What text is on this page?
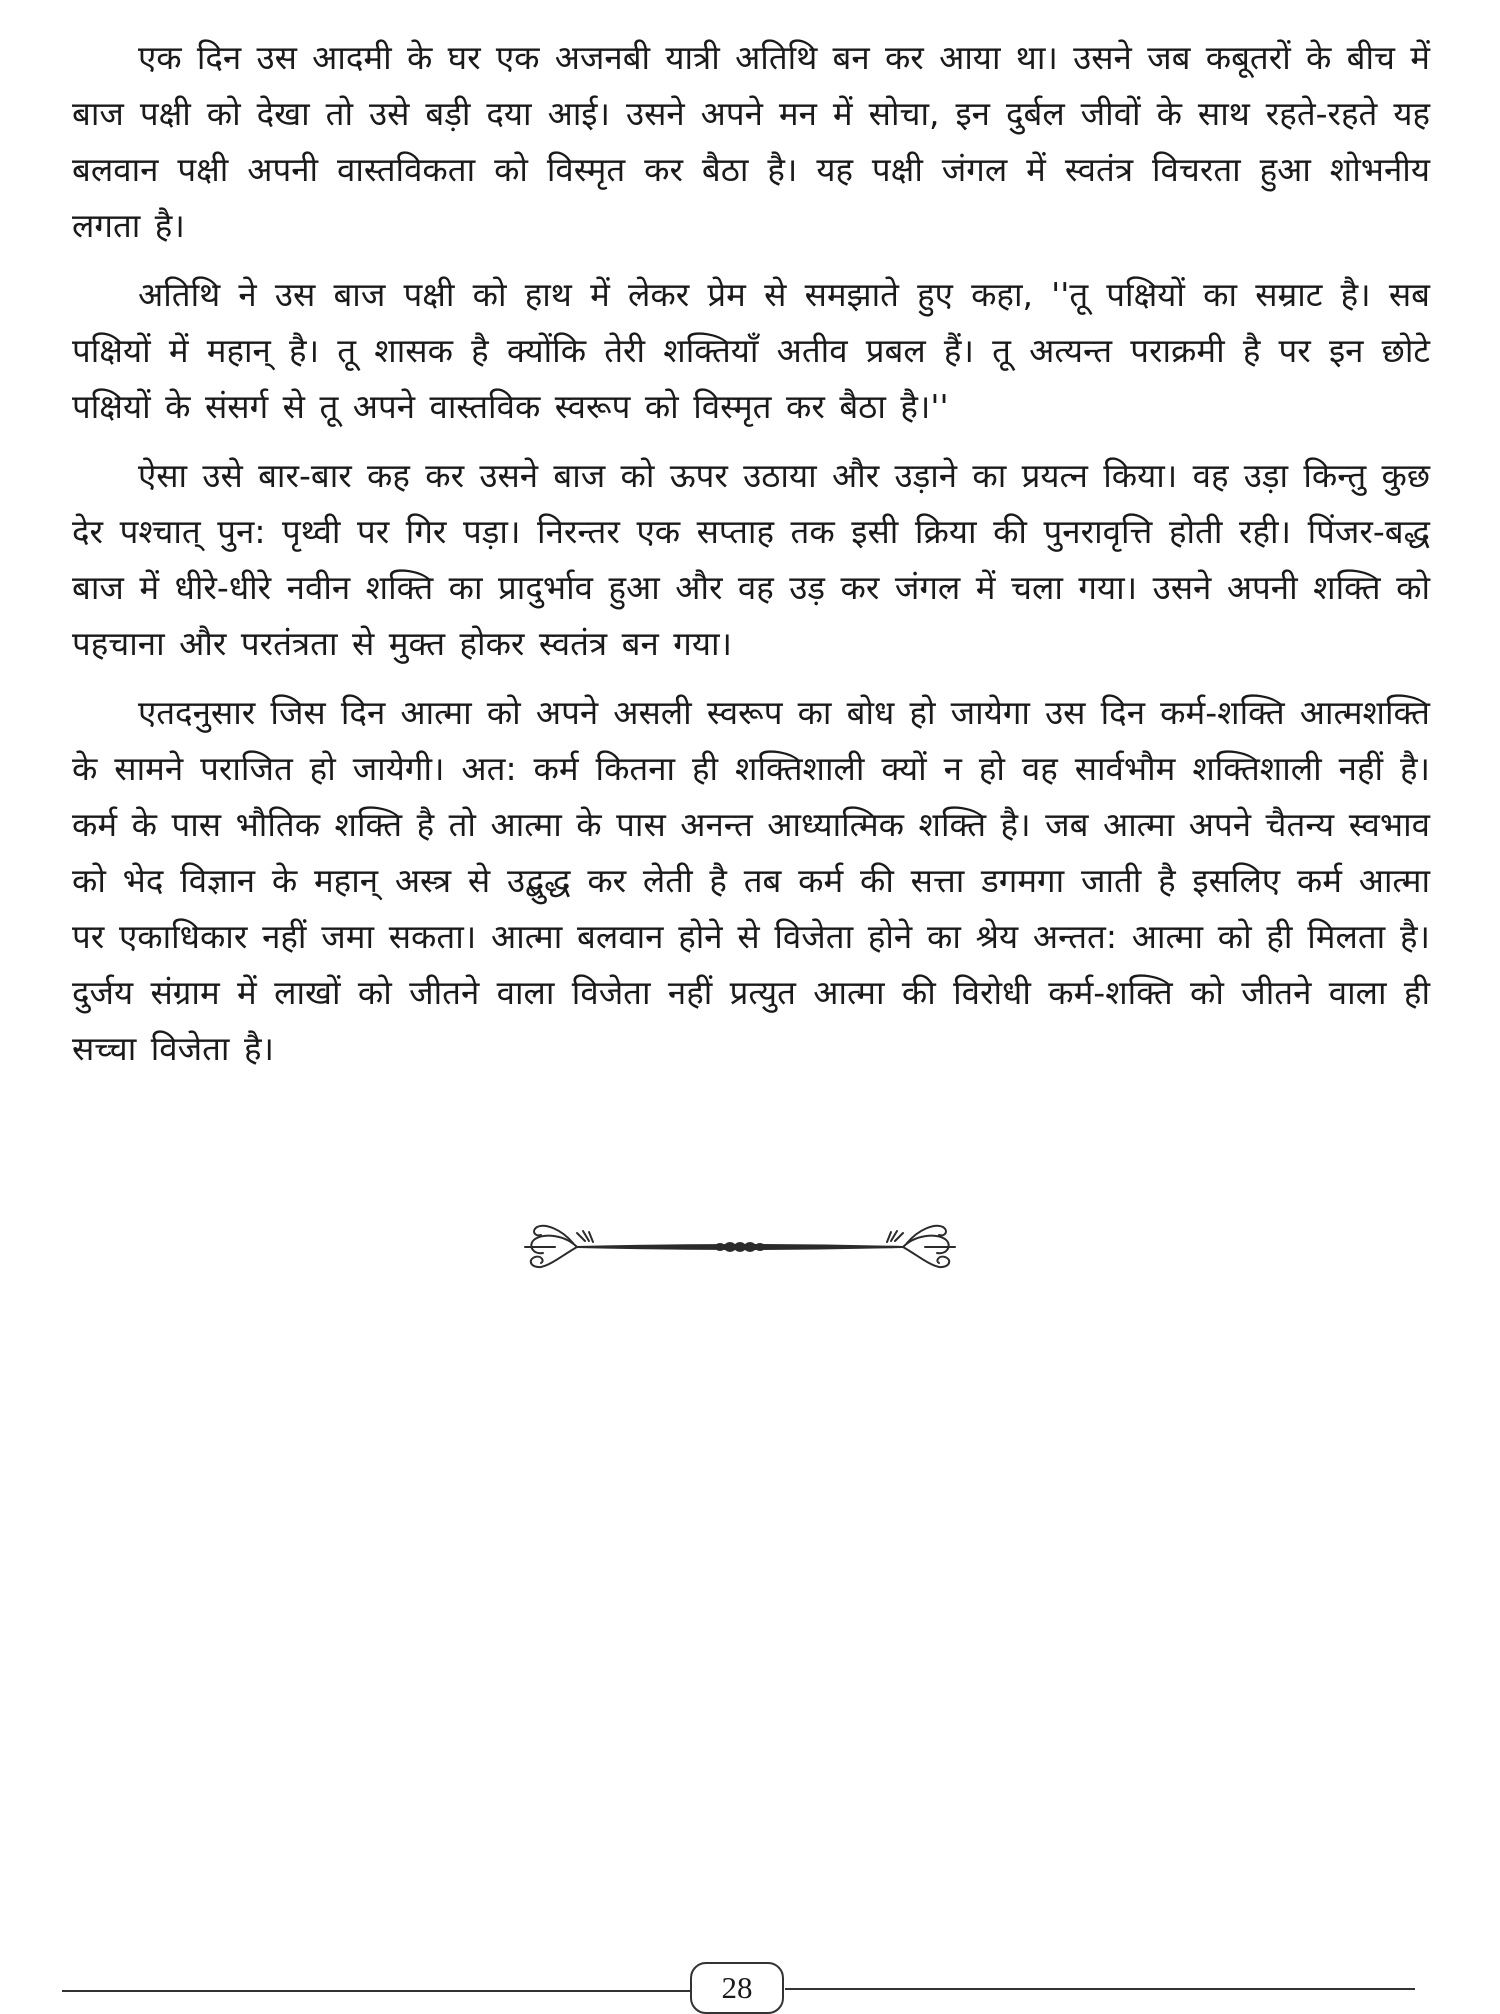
एक दिन उस आदमी के घर एक अजनबी यात्री अतिथि बन कर आया था। उसने जब कबूतरों के बीच में बाज पक्षी को देखा तो उसे बड़ी दया आई। उसने अपने मन में सोचा, इन दुर्बल जीवों के साथ रहते-रहते यह बलवान पक्षी अपनी वास्तविकता को विस्मृत कर बैठा है। यह पक्षी जंगल में स्वतंत्र विचरता हुआ शोभनीय लगता है।

अतिथि ने उस बाज पक्षी को हाथ में लेकर प्रेम से समझाते हुए कहा, ''तू पक्षियों का सम्राट है। सब पक्षियों में महान् है। तू शासक है क्योंकि तेरी शक्तियाँ अतीव प्रबल हैं। तू अत्यन्त पराक्रमी है पर इन छोटे पक्षियों के संसर्ग से तू अपने वास्तविक स्वरूप को विस्मृत कर बैठा है।''

ऐसा उसे बार-बार कह कर उसने बाज को ऊपर उठाया और उड़ाने का प्रयत्न किया। वह उड़ा किन्तु कुछ देर पश्चात् पुन: पृथ्वी पर गिर पड़ा। निरन्तर एक सप्ताह तक इसी क्रिया की पुनरावृत्ति होती रही। पिंजर-बद्ध बाज में धीरे-धीरे नवीन शक्ति का प्रादुर्भाव हुआ और वह उड़ कर जंगल में चला गया। उसने अपनी शक्ति को पहचाना और परतंत्रता से मुक्त होकर स्वतंत्र बन गया।

एतदनुसार जिस दिन आत्मा को अपने असली स्वरूप का बोध हो जायेगा उस दिन कर्म-शक्ति आत्मशक्ति के सामने पराजित हो जायेगी। अत: कर्म कितना ही शक्तिशाली क्यों न हो वह सार्वभौम शक्तिशाली नहीं है। कर्म के पास भौतिक शक्ति है तो आत्मा के पास अनन्त आध्यात्मिक शक्ति है। जब आत्मा अपने चैतन्य स्वभाव को भेद विज्ञान के महान् अस्त्र से उद्बुद्ध कर लेती है तब कर्म की सत्ता डगमगा जाती है इसलिए कर्म आत्मा पर एकाधिकार नहीं जमा सकता। आत्मा बलवान होने से विजेता होने का श्रेय अन्तत: आत्मा को ही मिलता है। दुर्जय संग्राम में लाखों को जीतने वाला विजेता नहीं प्रत्युत आत्मा की विरोधी कर्म-शक्ति को जीतने वाला ही सच्चा विजेता है।

28
